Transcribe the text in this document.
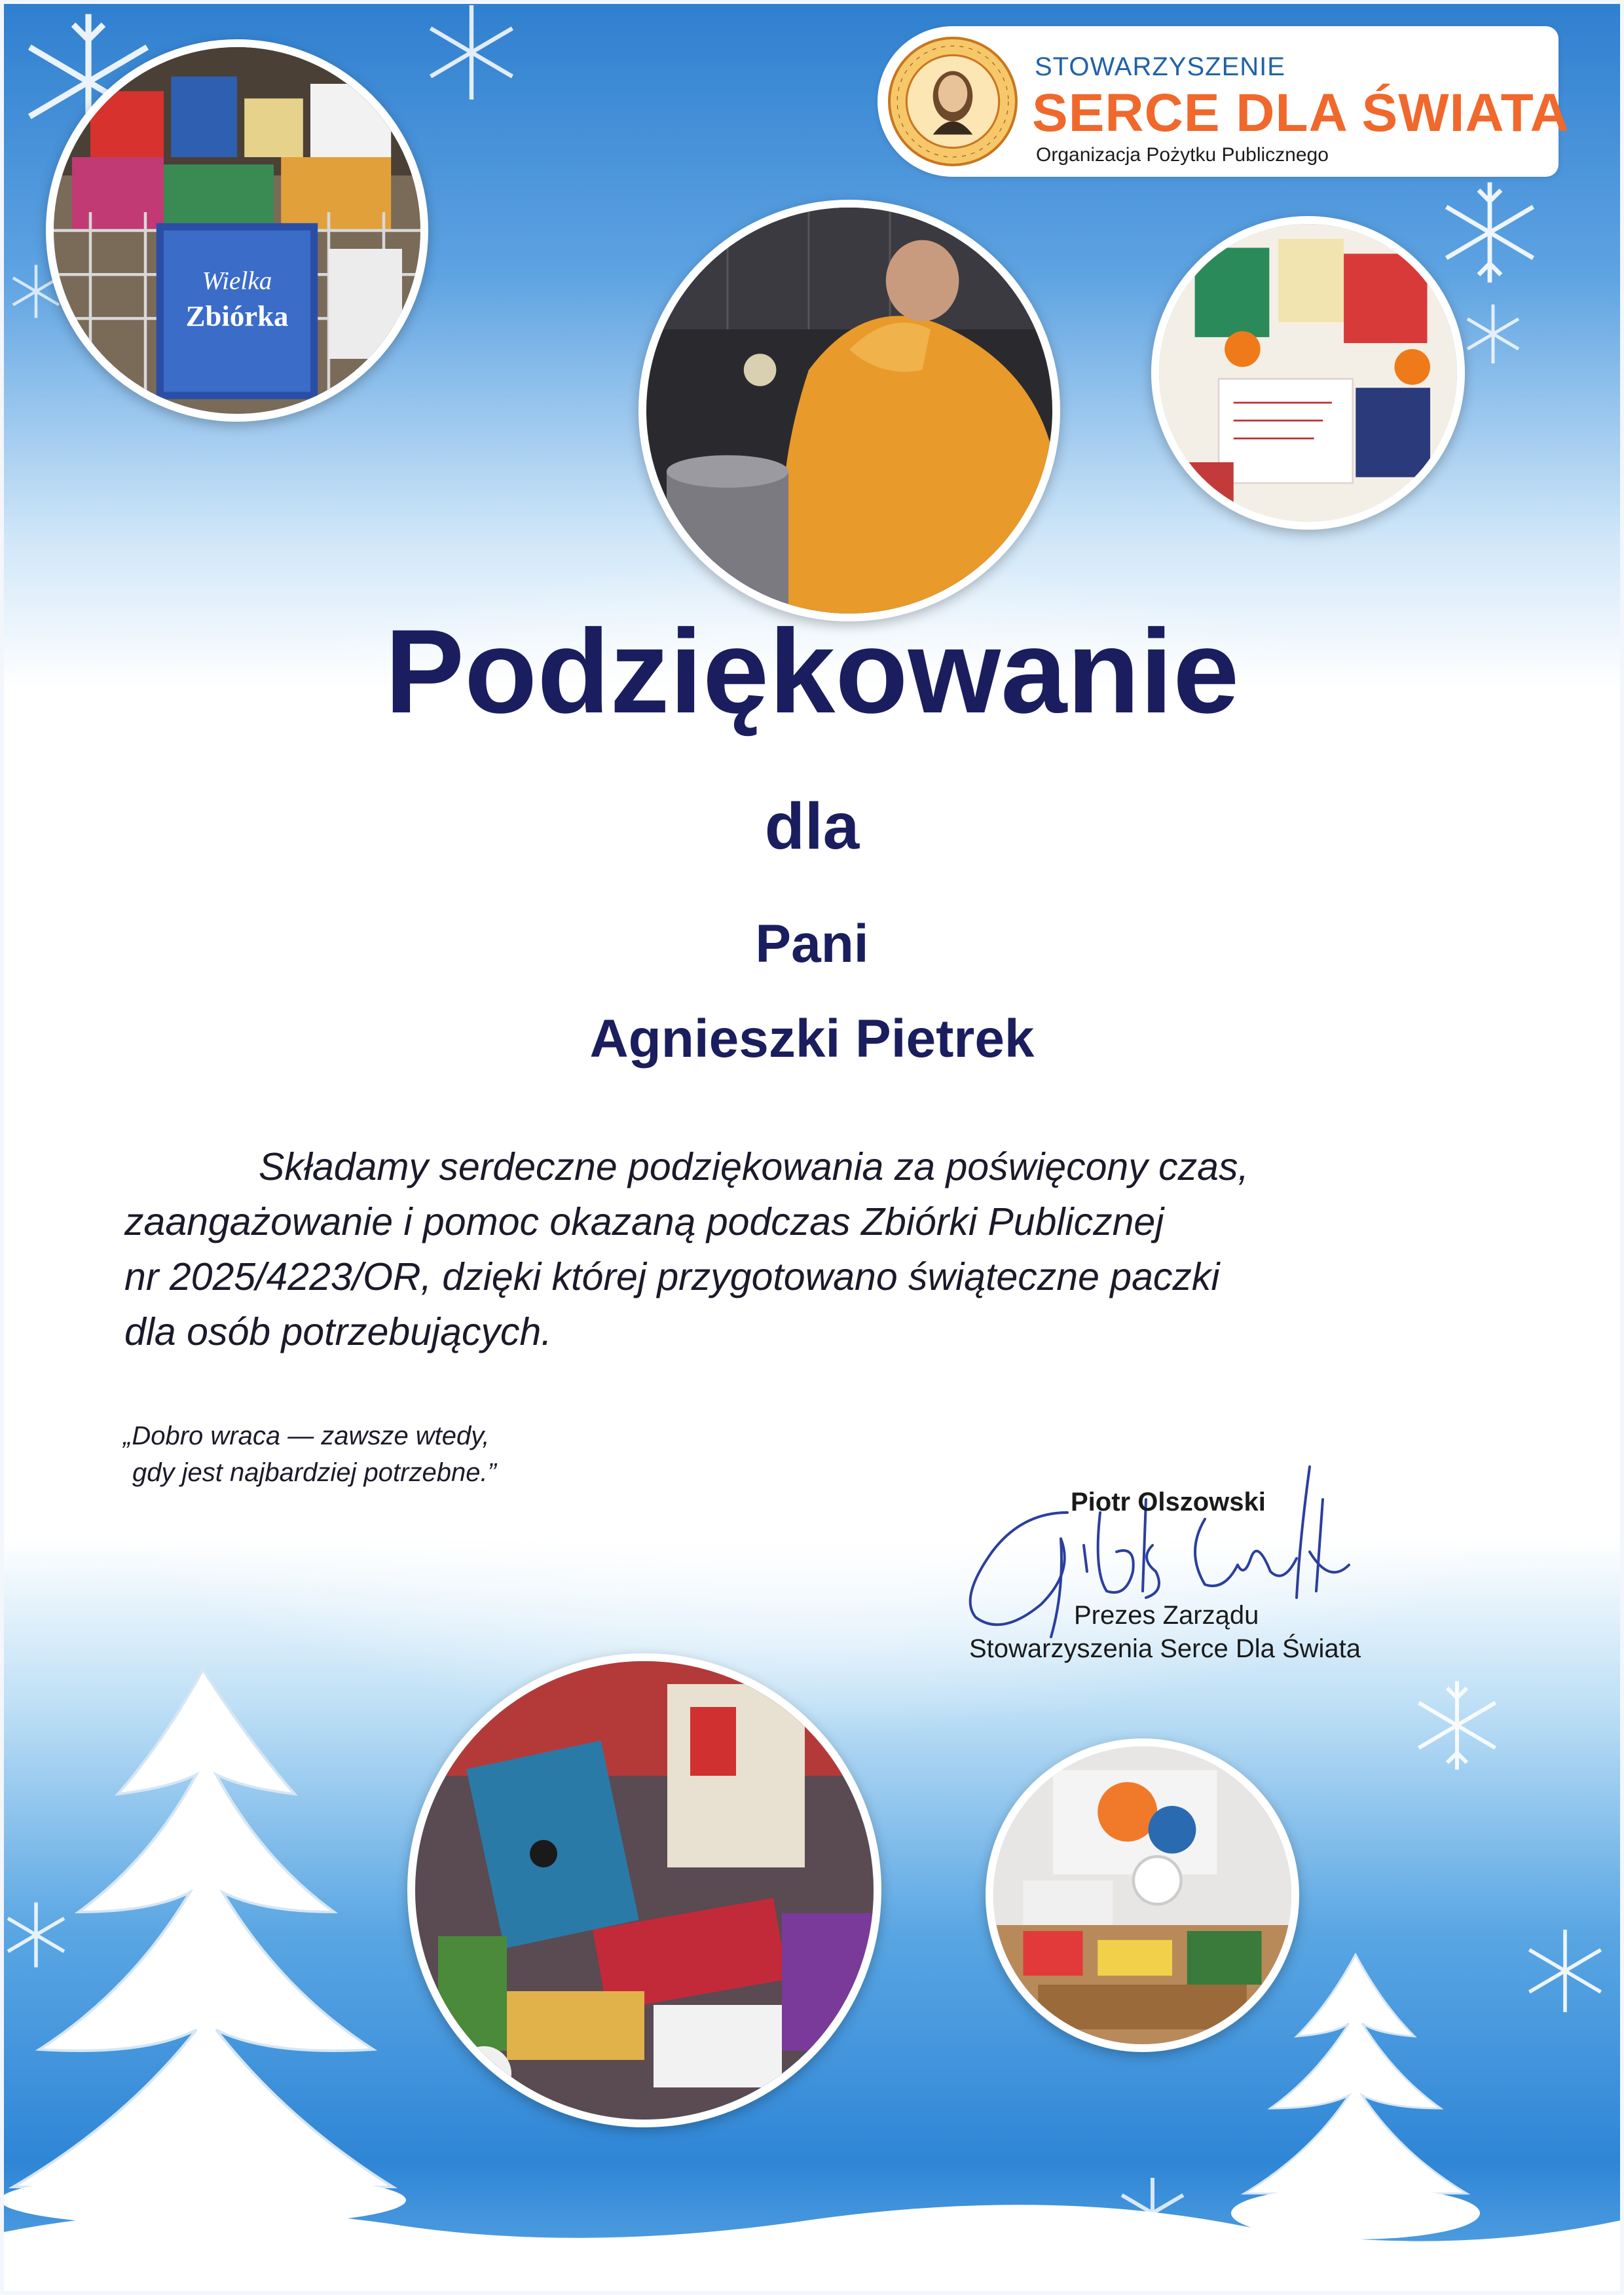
STOWARZYSZENIE
SERCE DLA ŚWIATA
Organizacja Pożytku Publicznego
Wielka
Zbiórka
Podziękowanie
dla
Pani
Agnieszki Pietrek

Składamy serdeczne podziękowania za poświęcony czas,

zaangażowanie i pomoc okazaną podczas Zbiórki Publicznej

nr 2025/4223/OR, dzięki której przygotowano świąteczne paczki

dla osób potrzebujących.

„Dobro wraca — zawsze wtedy,

gdy jest najbardziej potrzebne.”

Piotr Olszowski
Prezes Zarządu
Stowarzyszenia Serce Dla Świata
